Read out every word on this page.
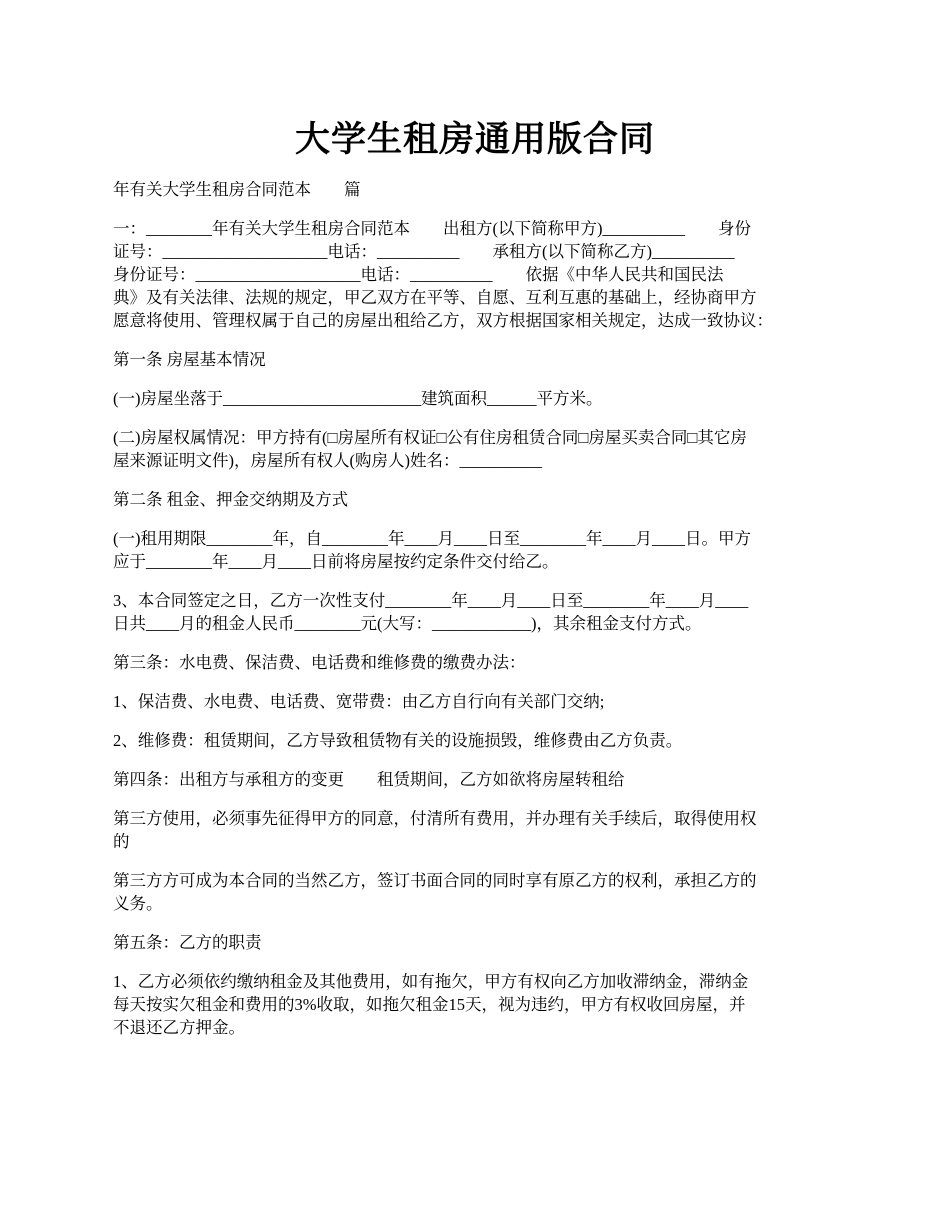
大学生租房通用版合同
年有关大学生租房合同范本　　篇
一：________年有关大学生租房合同范本　　出租方(以下简称甲方)__________　　身份
证号：____________________电话：__________　　承租方(以下简称乙方)__________
身份证号：____________________电话：__________　　依据《中华人民共和国民法
典》及有关法律、法规的规定，甲乙双方在平等、自愿、互利互惠的基础上，经协商甲方
愿意将使用、管理权属于自己的房屋出租给乙方，双方根据国家相关规定，达成一致协议：
第一条 房屋基本情况
(一)房屋坐落于________________________建筑面积______平方米。
(二)房屋权属情况：甲方持有(□房屋所有权证□公有住房租赁合同□房屋买卖合同□其它房
屋来源证明文件)，房屋所有权人(购房人)姓名：__________
第二条 租金、押金交纳期及方式
(一)租用期限________年，自________年____月____日至________年____月____日。甲方
应于________年____月____日前将房屋按约定条件交付给乙。
3、本合同签定之日，乙方一次性支付________年____月____日至________年____月____
日共____月的租金人民币________元(大写：____________)，其余租金支付方式。
第三条：水电费、保洁费、电话费和维修费的缴费办法：
1、保洁费、水电费、电话费、宽带费：由乙方自行向有关部门交纳;
2、维修费：租赁期间，乙方导致租赁物有关的设施损毁，维修费由乙方负责。
第四条：出租方与承租方的变更　　租赁期间，乙方如欲将房屋转租给
第三方使用，必须事先征得甲方的同意，付清所有费用，并办理有关手续后，取得使用权
的
第三方方可成为本合同的当然乙方，签订书面合同的同时享有原乙方的权利，承担乙方的
义务。
第五条：乙方的职责
1、乙方必须依约缴纳租金及其他费用，如有拖欠，甲方有权向乙方加收滞纳金，滞纳金
每天按实欠租金和费用的3%收取，如拖欠租金15天，视为违约，甲方有权收回房屋，并
不退还乙方押金。
